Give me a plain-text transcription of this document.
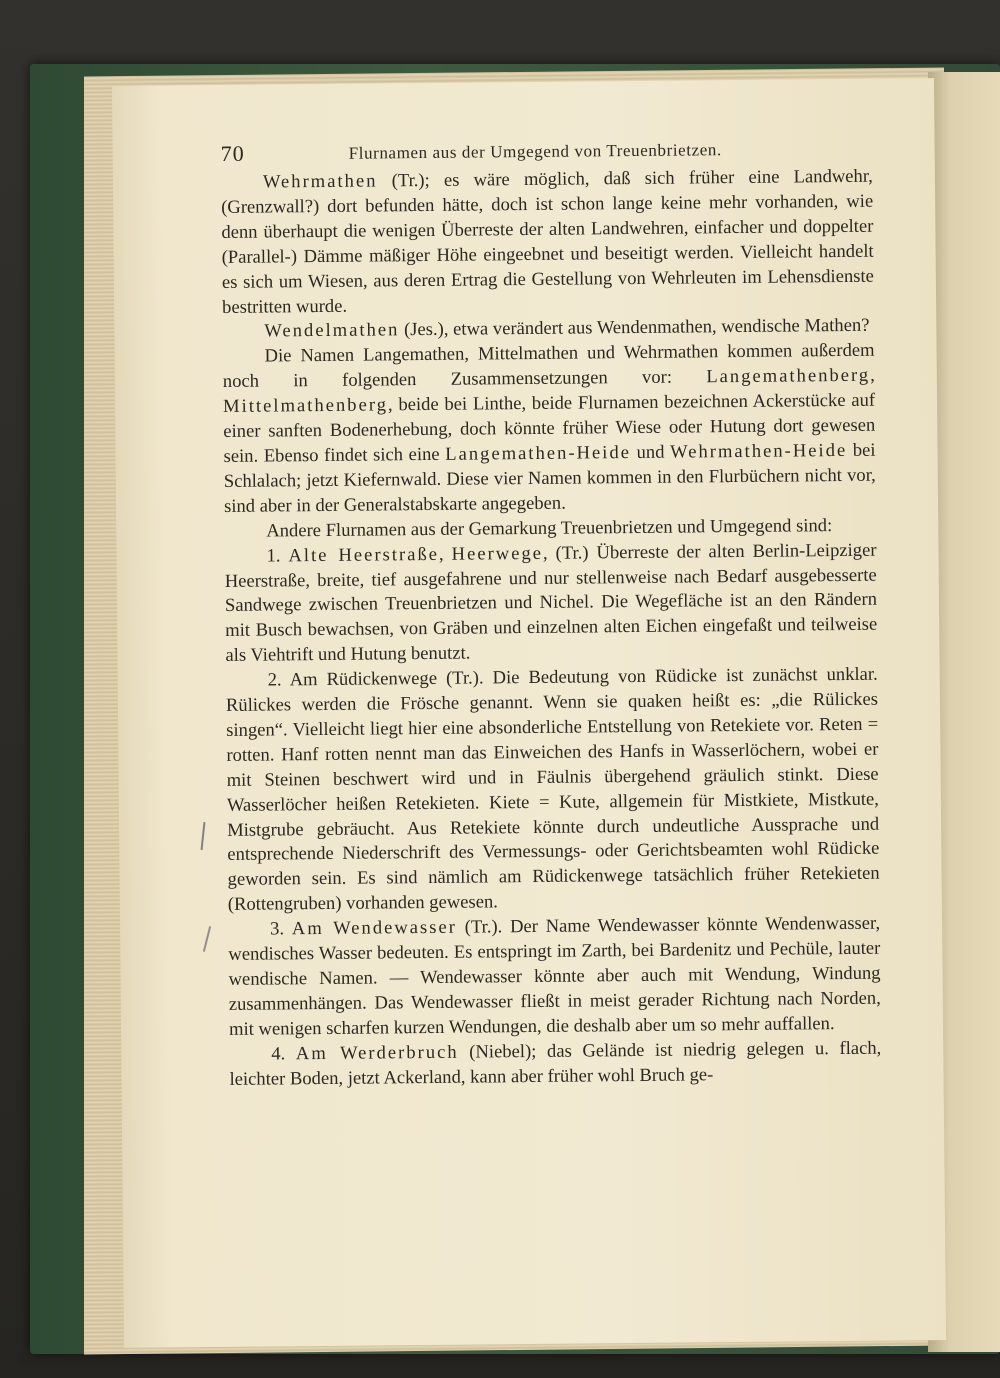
70	Flurnamen aus der Umgegend von Treuenbrietzen.

Wehrmathen (Tr.); es wäre möglich, daß sich früher eine Landwehr, (Grenzwall?) dort befunden hätte, doch ist schon lange keine mehr vorhanden, wie denn überhaupt die wenigen Überreste der alten Landwehren, einfacher und doppelter (Parallel-) Dämme mäßiger Höhe eingeebnet und beseitigt werden. Vielleicht handelt es sich um Wiesen, aus deren Ertrag die Gestellung von Wehrleuten im Lehensdienste bestritten wurde.

Wendelmathen (Jes.), etwa verändert aus Wendenmathen, wendische Mathen?

Die Namen Langemathen, Mittelmathen und Wehrmathen kommen außerdem noch in folgenden Zusammensetzungen vor: Langemathenberg, Mittelmathenberg, beide bei Linthe, beide Flurnamen bezeichnen Ackerstücke auf einer sanften Bodenerhebung, doch könnte früher Wiese oder Hutung dort gewesen sein. Ebenso findet sich eine Langemathen-Heide und Wehrmathen-Heide bei Schlalach; jetzt Kiefernwald. Diese vier Namen kommen in den Flurbüchern nicht vor, sind aber in der Generalstabskarte angegeben.

Andere Flurnamen aus der Gemarkung Treuenbrietzen und Umgegend sind:

1. Alte Heerstraße, Heerwege, (Tr.) Überreste der alten Berlin-Leipziger Heerstraße, breite, tief ausgefahrene und nur stellenweise nach Bedarf ausgebesserte Sandwege zwischen Treuenbrietzen und Nichel. Die Wegefläche ist an den Rändern mit Busch bewachsen, von Gräben und einzelnen alten Eichen eingefaßt und teilweise als Viehtrift und Hutung benutzt.

2. Am Rüdickenwege (Tr.). Die Bedeutung von Rüdicke ist zunächst unklar. Rülickes werden die Frösche genannt. Wenn sie quaken heißt es: „die Rülickes singen“. Vielleicht liegt hier eine absonderliche Entstellung von Retekiete vor. Reten = rotten. Hanf rotten nennt man das Einweichen des Hanfs in Wasserlöchern, wobei er mit Steinen beschwert wird und in Fäulnis übergehend gräulich stinkt. Diese Wasserlöcher heißen Retekieten. Kiete = Kute, allgemein für Mistkiete, Mistkute, Mistgrube gebräucht. Aus Retekiete könnte durch undeutliche Aussprache und entsprechende Niederschrift des Vermessungs- oder Gerichtsbeamten wohl Rüdicke geworden sein. Es sind nämlich am Rüdickenwege tatsächlich früher Retekieten (Rottengruben) vorhanden gewesen.

3. Am Wendewasser (Tr.). Der Name Wendewasser könnte Wendenwasser, wendisches Wasser bedeuten. Es entspringt im Zarth, bei Bardenitz und Pechüle, lauter wendische Namen. — Wendewasser könnte aber auch mit Wendung, Windung zusammenhängen. Das Wendewasser fließt in meist gerader Richtung nach Norden, mit wenigen scharfen kurzen Wendungen, die deshalb aber um so mehr auffallen.

4. Am Werderbruch (Niebel); das Gelände ist niedrig gelegen u. flach, leichter Boden, jetzt Ackerland, kann aber früher wohl Bruch ge-
